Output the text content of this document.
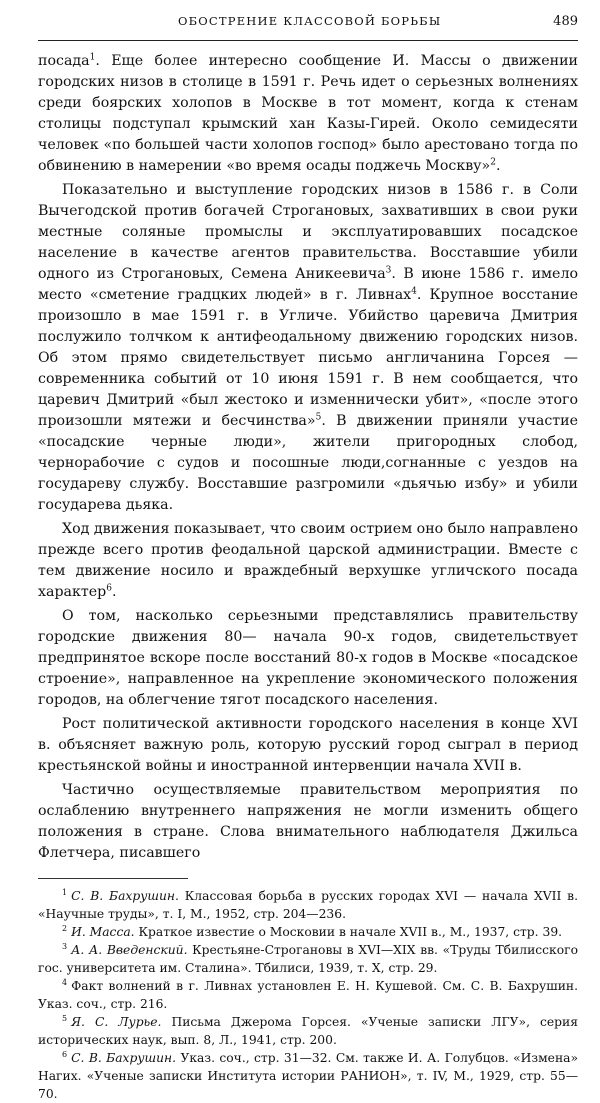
ОБОСТРЕНИЕ КЛАССОВОЙ БОРЬБЫ	489

посада$^1$. Еще более интересно сообщение И. Массы о движении городских низов в столице в 1591 г. Речь идет о серьезных волнениях среди боярских холопов в Москве в тот момент, когда к стенам столицы подступал крымский хан Казы-Гирей. Около семидесяти человек «по большей части холопов господ» было арестовано тогда по обвинению в намерении «во время осады поджечь Москву»$^2$.

Показательно и выступление городских низов в 1586 г. в Соли Вычегодской против богачей Строгановых, захвативших в свои руки местные соляные промыслы и эксплуатировавших посадское население в качестве агентов правительства. Восставшие убили одного из Строгановых, Семена Аникеевича$^3$. В июне 1586 г. имело место «сметение градцких людей» в г. Ливнах$^4$. Крупное восстание произошло в мае 1591 г. в Угличе. Убийство царевича Дмитрия послужило толчком к антифеодальному движению городских низов. Об этом прямо свидетельствует письмо англичанина Горсея — современника событий от 10 июня 1591 г. В нем сообщается, что царевич Дмитрий «был жестоко и изменнически убит», «после этого произошли мятежи и бесчинства»$^5$. В движении приняли участие «посадские черные люди», жители пригородных слобод, чернорабочие с судов и посошные люди,согнанные с уездов на государеву службу. Восставшие разгромили «дьячью избу» и убили государева дьяка.

Ход движения показывает, что своим острием оно было направлено прежде всего против феодальной царской администрации. Вместе с тем движение носило и враждебный верхушке угличского посада характер$^6$.

О том, насколько серьезными представлялись правительству городские движения 80— начала 90-х годов, свидетельствует предпринятое вскоре после восстаний 80-х годов в Москве «посадское строение», направленное на укрепление экономического положения городов, на облегчение тягот посадского населения.

Рост политической активности городского населения в конце XVI в. объясняет важную роль, которую русский город сыграл в период крестьянской войны и иностранной интервенции начала XVII в.

Частично осуществляемые правительством мероприятия по ослаблению внутреннего напряжения не могли изменить общего положения в стране. Слова внимательного наблюдателя Джильса Флетчера, писавшего

$^1$ С. В. Бахрушин. Классовая борьба в русских городах XVI — начала XVII в. «Научные труды», т. I, М., 1952, стр. 204—236.

$^2$ И. Масса. Краткое известие о Московии в начале XVII в., М., 1937, стр. 39.

$^3$ А. А. Введенский. Крестьяне-Строгановы в XVI—XIX вв. «Труды Тбилисского гос. университета им. Сталина». Тбилиси, 1939, т. X, стр. 29.

$^4$ Факт волнений в г. Ливнах установлен Е. Н. Кушевой. См. С. В. Бахрушин. Указ. соч., стр. 216.

$^5$ Я. С. Лурье. Письма Джерома Горсея. «Ученые записки ЛГУ», серия исторических наук, вып. 8, Л., 1941, стр. 200.

$^6$ С. В. Бахрушин. Указ. соч., стр. 31—32. См. также И. А. Голубцов. «Измена» Нагих. «Ученые записки Института истории РАНИОН», т. IV, М., 1929, стр. 55—70.
